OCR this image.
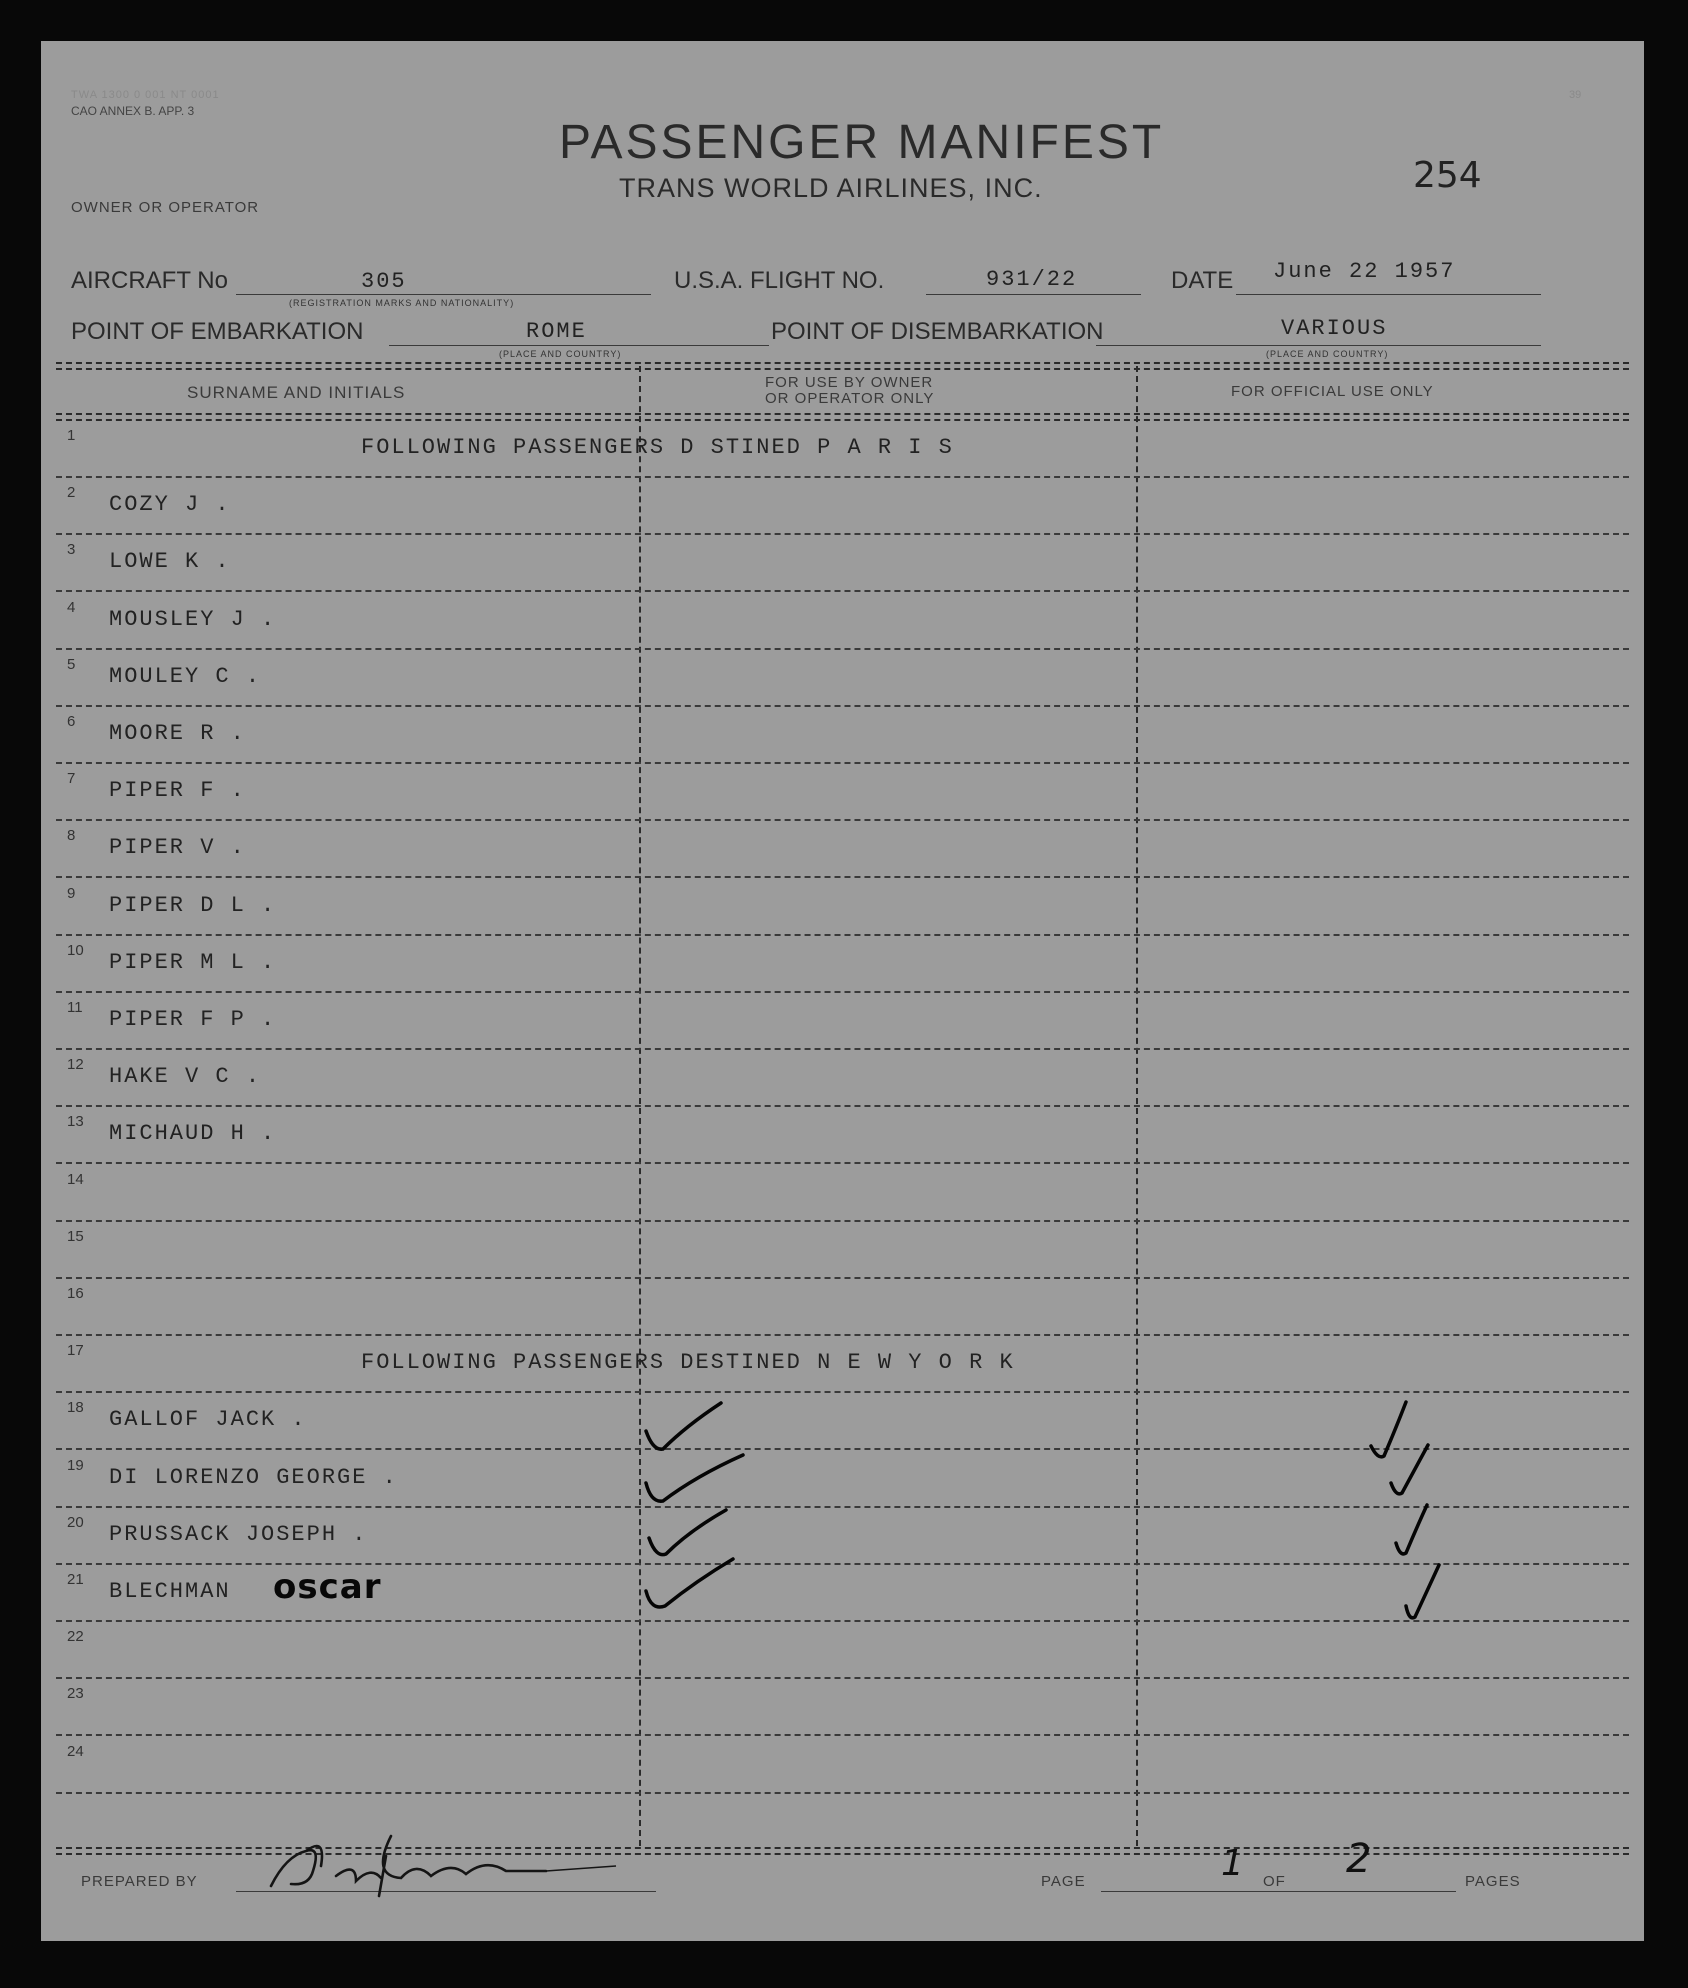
TWA 1300 0 001 NT 0001
CAO ANNEX B. APP. 3
39
PASSENGER MANIFEST
TRANS WORLD AIRLINES, INC.
OWNER OR OPERATOR
254
AIRCRAFT No	305
(REGISTRATION MARKS AND NATIONALITY)
U.S.A. FLIGHT NO.	931/22	DATE June 22 1957
POINT OF EMBARKATION	ROME
(PLACE AND COUNTRY)
POINT OF DISEMBARKATION	VARIOUS
(PLACE AND COUNTRY)
SURNAME AND INITIALS
FOR USE BY OWNER
OR OPERATOR ONLY	FOR OFFICIAL USE ONLY
1	FOLLOWING PASSENGERS D STINED P A R I S
2 COZY J .
3 LOWE K .
4 MOUSLEY J .
5 MOULEY C .
6 MOORE R .
7 PIPER F .
8 PIPER V .
9 PIPER D L .
10 PIPER M L .
11 PIPER F P .
12 HAKE V C .
13 MICHAUD H .
14
15
16
17	FOLLOWING PASSENGERS DESTINED N E W Y O R K
18 GALLOF JACK .
19 DI LORENZO GEORGE .
20 PRUSSACK JOSEPH .
21 BLECHMAN oscar
22
23
24
PREPARED BY	PAGE	1 OF 2	PAGES
